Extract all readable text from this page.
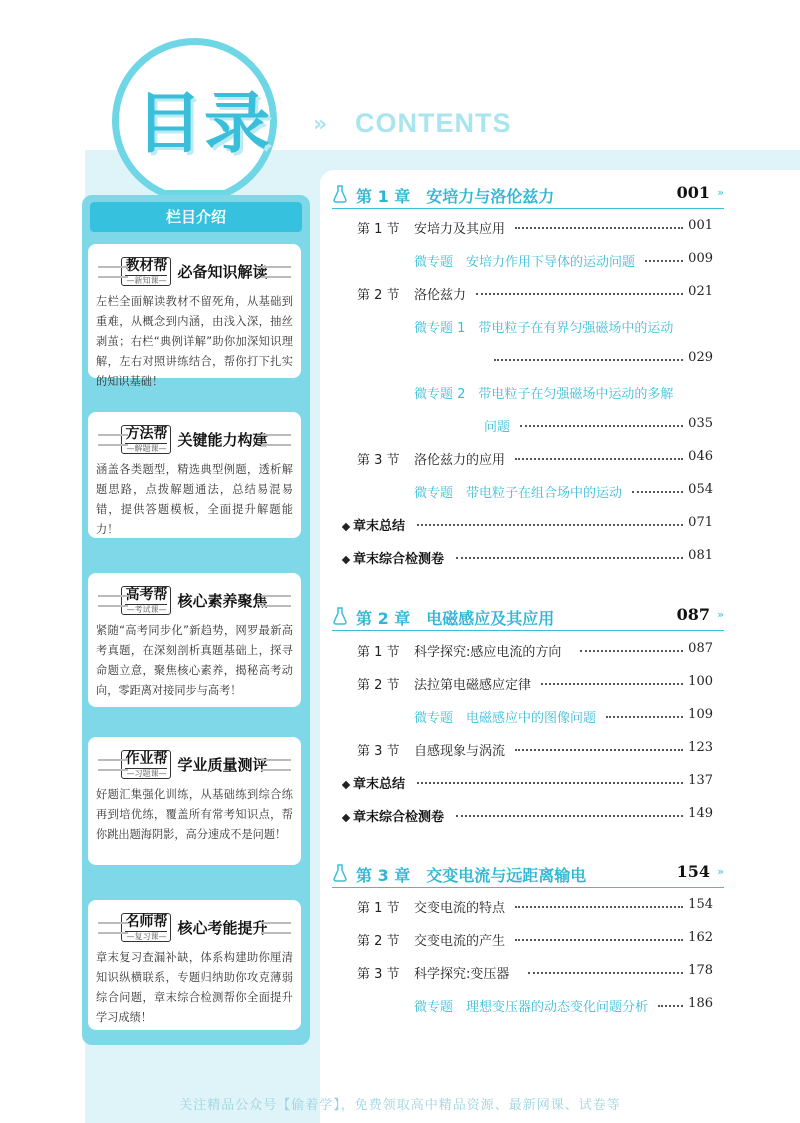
目录 » CONTENTS
栏目介绍
教材帮
—新知课— 必备知识解读
左栏全面解读教材不留死角，从基础到重难，从概念到内涵，由浅入深，抽丝剥茧；右栏“典例详解”助你加深知识理解，左右对照讲练结合，帮你打下扎实的知识基础！
方法帮
—解题课— 关键能力构建
涵盖各类题型，精选典型例题，透析解题思路，点拨解题通法，总结易混易错，提供答题模板，全面提升解题能力！
高考帮
—考试课— 核心素养聚焦
紧随“高考同步化”新趋势，网罗最新高考真题，在深刻剖析真题基础上，探寻命题立意，聚焦核心素养，揭秘高考动向，零距离对接同步与高考！
作业帮
—习题课— 学业质量测评
好题汇集强化训练，从基础练到综合练再到培优练，覆盖所有常考知识点，帮你跳出题海阴影，高分速成不是问题！
名师帮
—复习课— 核心考能提升
章末复习查漏补缺，体系构建助你厘清知识纵横联系，专题归纳助你攻克薄弱综合问题，章末综合检测帮你全面提升学习成绩！
第 1 章　安培力与洛伦兹力	001 »
第 2 章　电磁感应及其应用	087 »
第 3 章　交变电流与远距离输电	154 »
第 1 节 安培力及其应用	001
微专题　安培力作用下导体的运动问题	009
第 2 节 洛伦兹力	021
微专题 1　带电粒子在有界匀强磁场中的运动
029
微专题 2　带电粒子在匀强磁场中运动的多解
问题	035
第 3 节 洛伦兹力的应用	046
微专题　带电粒子在组合场中的运动	054
章末总结	071
章末综合检测卷	081
第 1 节 科学探究:感应电流的方向	087
第 2 节 法拉第电磁感应定律	100
微专题　电磁感应中的图像问题	109
第 3 节 自感现象与涡流	123
章末总结	137
章末综合检测卷	149
第 1 节 交变电流的特点	154
第 2 节 交变电流的产生	162
第 3 节 科学探究:变压器	178
微专题　理想变压器的动态变化问题分析	186
关注精品公众号【偷着学】，免费领取高中精品资源、最新网课、试卷等
